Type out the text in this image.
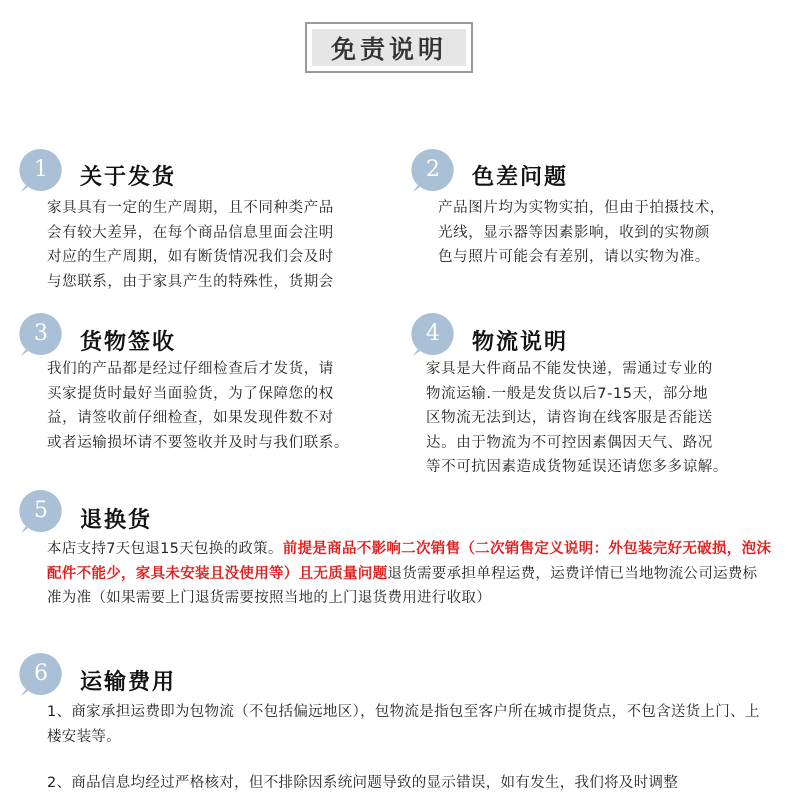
免责说明
1	关于发货
家具具有一定的生产周期，且不同种类产品
会有较大差异，在每个商品信息里面会注明
对应的生产周期，如有断货情况我们会及时
与您联系，由于家具产生的特殊性，货期会
2	色差问题
产品图片均为实物实拍，但由于拍摄技术，
光线，显示器等因素影响，收到的实物颜
色与照片可能会有差别，请以实物为准。
3	货物签收
我们的产品都是经过仔细检查后才发货，请
买家提货时最好当面验货，为了保障您的权
益，请签收前仔细检查，如果发现件数不对
或者运输损坏请不要签收并及时与我们联系。
4	物流说明
家具是大件商品不能发快递，需通过专业的
物流运输.一般是发货以后7-15天，部分地
区物流无法到达，请咨询在线客服是否能送
达。由于物流为不可控因素偶因天气、路况
等不可抗因素造成货物延误还请您多多谅解。
5	退换货
本店支持7天包退15天包换的政策。前提是商品不影响二次销售（二次销售定义说明：外包装完好无破损，泡沫配件不能少，家具未安装且没使用等）且无质量问题退货需要承担单程运费，运费详情已当地物流公司运费标准为准（如果需要上门退货需要按照当地的上门退货费用进行收取）
6	运输费用
1、商家承担运费即为包物流（不包括偏远地区），包物流是指包至客户所在城市提货点，不包含送货上门、上楼安装等。
2、商品信息均经过严格核对，但不排除因系统问题导致的显示错误，如有发生，我们将及时调整
